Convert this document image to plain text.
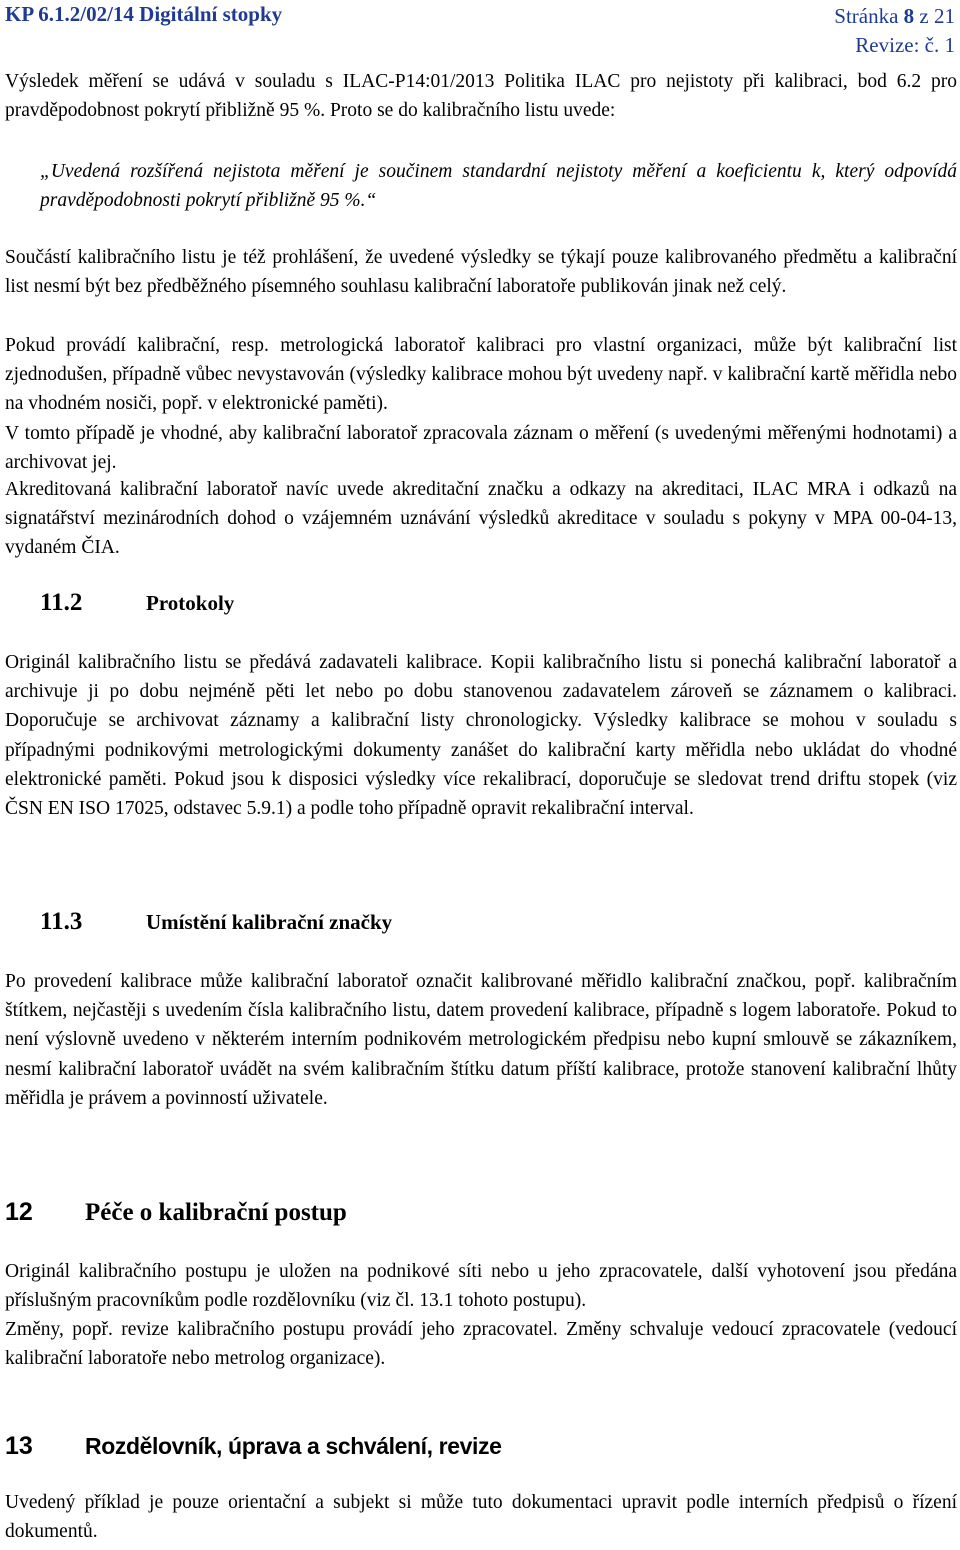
KP 6.1.2/02/14 Digitální stopky	Stránka 8 z 21
Revize: č. 1

Výsledek měření se udává v souladu s ILAC-P14:01/2013 Politika ILAC pro nejistoty při kalibraci, bod 6.2 pro pravděpodobnost pokrytí přibližně 95 %. Proto se do kalibračního listu uvede:

„Uvedená rozšířená nejistota měření je součinem standardní nejistoty měření a koeficientu k, který odpovídá pravděpodobnosti pokrytí přibližně 95 %.“

Součástí kalibračního listu je též prohlášení, že uvedené výsledky se týkají pouze kalibrovaného předmětu a kalibrační list nesmí být bez předběžného písemného souhlasu kalibrační laboratoře publikován jinak než celý.

Pokud provádí kalibrační, resp. metrologická laboratoř kalibraci pro vlastní organizaci, může být kalibrační list zjednodušen, případně vůbec nevystavován (výsledky kalibrace mohou být uvedeny např. v kalibrační kartě měřidla nebo na vhodném nosiči, popř. v elektronické paměti).

V tomto případě je vhodné, aby kalibrační laboratoř zpracovala záznam o měření (s uvedenými měřenými hodnotami) a archivovat jej.

Akreditovaná kalibrační laboratoř navíc uvede akreditační značku a odkazy na akreditaci, ILAC MRA i odkazů na signatářství mezinárodních dohod o vzájemném uznávání výsledků akreditace v souladu s pokyny v MPA 00-04-13, vydaném ČIA.

11.2	Protokoly

Originál kalibračního listu se předává zadavateli kalibrace. Kopii kalibračního listu si ponechá kalibrační laboratoř a archivuje ji po dobu nejméně pěti let nebo po dobu stanovenou zadavatelem zároveň se záznamem o kalibraci. Doporučuje se archivovat záznamy a kalibrační listy chronologicky. Výsledky kalibrace se mohou v souladu s případnými podnikovými metrologickými dokumenty zanášet do kalibrační karty měřidla nebo ukládat do vhodné elektronické paměti. Pokud jsou k disposici výsledky více rekalibrací, doporučuje se sledovat trend driftu stopek (viz ČSN EN ISO 17025, odstavec 5.9.1) a podle toho případně opravit rekalibrační interval.

11.3	Umístění kalibrační značky

Po provedení kalibrace může kalibrační laboratoř označit kalibrované měřidlo kalibrační značkou, popř. kalibračním štítkem, nejčastěji s uvedením čísla kalibračního listu, datem provedení kalibrace, případně s logem laboratoře. Pokud to není výslovně uvedeno v některém interním podnikovém metrologickém předpisu nebo kupní smlouvě se zákazníkem, nesmí kalibrační laboratoř uvádět na svém kalibračním štítku datum příští kalibrace, protože stanovení kalibrační lhůty měřidla je právem a povinností uživatele.

12 Péče o kalibrační postup

Originál kalibračního postupu je uložen na podnikové síti nebo u jeho zpracovatele, další vyhotovení jsou předána příslušným pracovníkům podle rozdělovníku (viz čl. 13.1 tohoto postupu).

Změny, popř. revize kalibračního postupu provádí jeho zpracovatel. Změny schvaluje vedoucí zpracovatele (vedoucí kalibrační laboratoře nebo metrolog organizace).

13 Rozdělovník, úprava a schválení, revize

Uvedený příklad je pouze orientační a subjekt si může tuto dokumentaci upravit podle interních předpisů o řízení dokumentů.
